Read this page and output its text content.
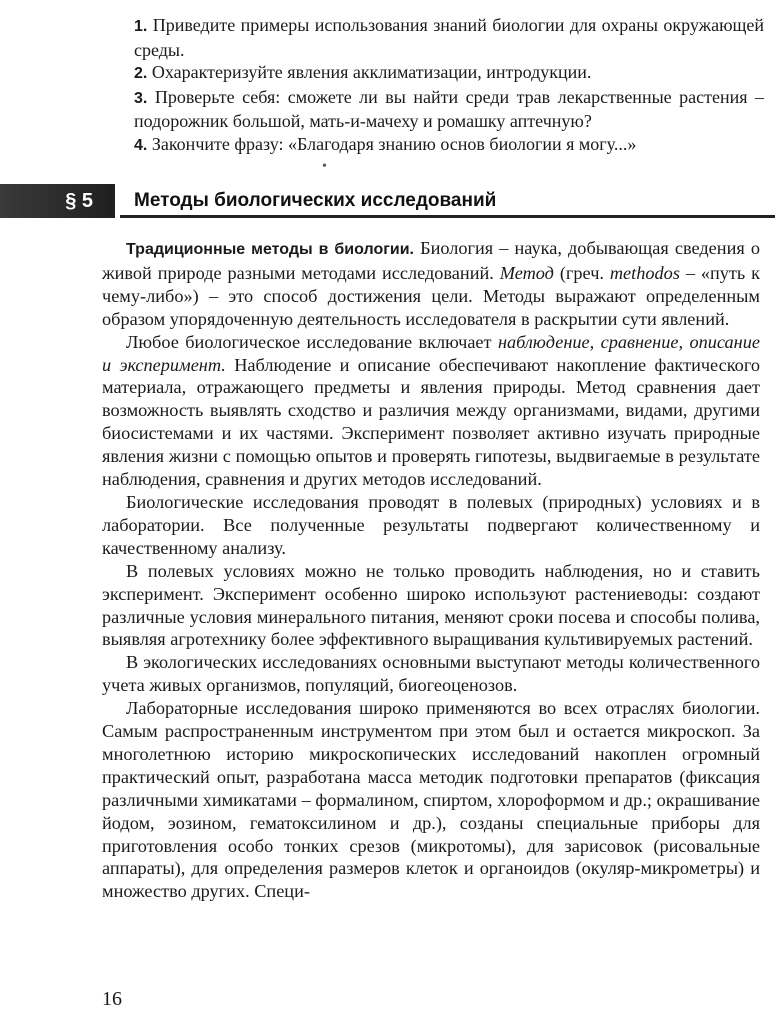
1. Приведите примеры использования знаний биологии для охраны окружающей среды.

2. Охарактеризуйте явления акклиматизации, интродукции.

3. Проверьте себя: сможете ли вы найти среди трав лекарственные растения – подорожник большой, мать-и-мачеху и ромашку аптечную?

4. Закончите фразу: «Благодаря знанию основ биологии я могу...»

•
§ 5	Методы биологических исследований

Традиционные методы в биологии. Биология – наука, добывающая сведения о живой природе разными методами исследований. Метод (греч. methodos – «путь к чему-либо») – это способ достижения цели. Методы выражают определенным образом упорядоченную деятельность исследователя в раскрытии сути явлений.

Любое биологическое исследование включает наблюдение, сравнение, описание и эксперимент. Наблюдение и описание обеспечивают накопление фактического материала, отражающего предметы и явления природы. Метод сравнения дает возможность выявлять сходство и различия между организмами, видами, другими биосистемами и их частями. Эксперимент позволяет активно изучать природные явления жизни с помощью опытов и проверять гипотезы, выдвигаемые в результате наблюдения, сравнения и других методов исследований.

Биологические исследования проводят в полевых (природных) условиях и в лаборатории. Все полученные результаты подвергают количественному и качественному анализу.

В полевых условиях можно не только проводить наблюдения, но и ставить эксперимент. Эксперимент особенно широко используют растениеводы: создают различные условия минерального питания, меняют сроки посева и способы полива, выявляя агротехнику более эффективного выращивания культивируемых растений.

В экологических исследованиях основными выступают методы количественного учета живых организмов, популяций, биогеоценозов.

Лабораторные исследования широко применяются во всех отраслях биологии. Самым распространенным инструментом при этом был и остается микроскоп. За многолетнюю историю микроскопических исследований накоплен огромный практический опыт, разработана масса методик подготовки препаратов (фиксация различными химикатами – формалином, спиртом, хлороформом и др.; окрашивание йодом, эозином, гематоксилином и др.), созданы специальные приборы для приготовления особо тонких срезов (микротомы), для зарисовок (рисовальные аппараты), для определения размеров клеток и органоидов (окуляр-микрометры) и множество других. Специ-

16
